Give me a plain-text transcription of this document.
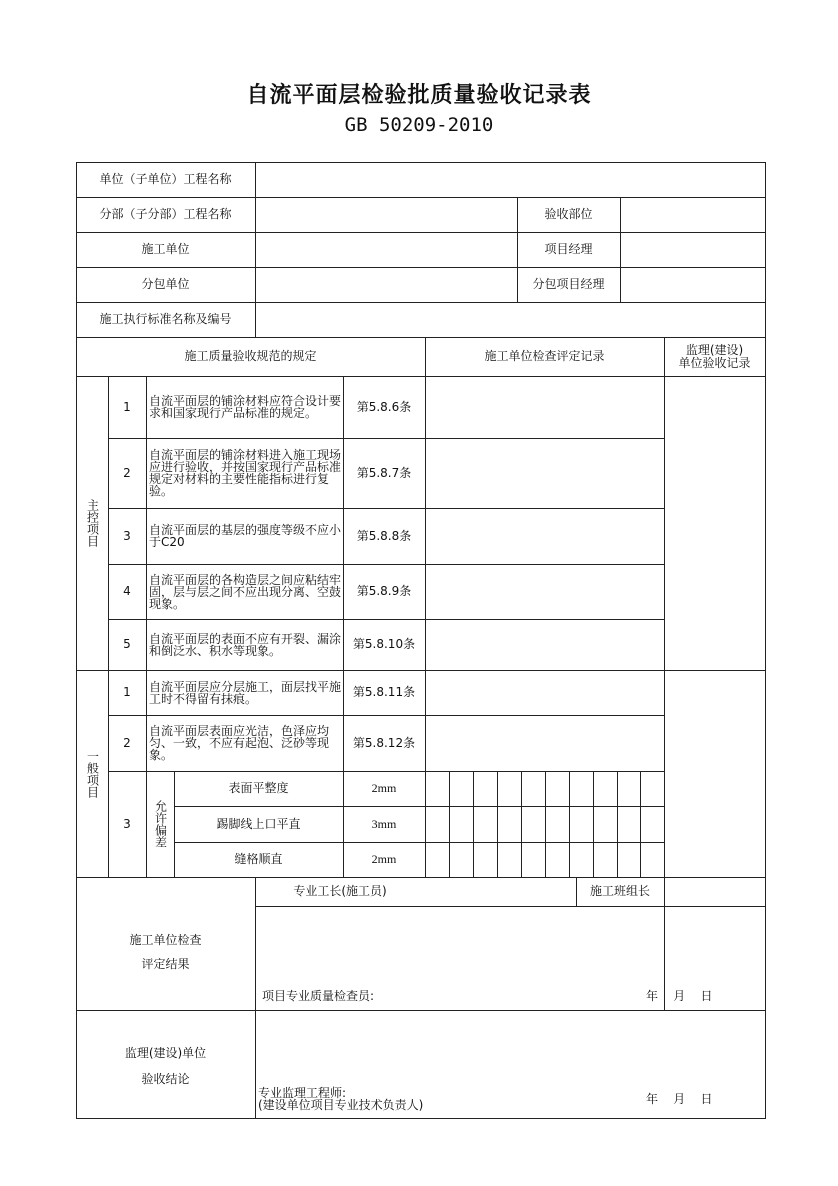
自流平面层检验批质量验收记录表
GB 50209-2010
单位（子单位）工程名称
分部（子分部）工程名称	验收部位
施工单位	项目经理
分包单位	分包项目经理
施工执行标准名称及编号
施工质量验收规范的规定	施工单位检查评定记录	监理(建设)
单位验收记录
主控项目
1 自流平面层的铺涂材料应符合设计要求和国家现行产品标准的规定。	第5.8.6条
2
自流平面层的铺涂材料进入施工现场应进行验收，并按国家现行产品标准规定对材料的主要性能指标进行复验。
第5.8.7条
3 自流平面层的基层的强度等级不应小于C20	第5.8.8条
4
自流平面层的各构造层之间应粘结牢固，层与层之间不应出现分离、空鼓现象。
第5.8.9条
5 自流平面层的表面不应有开裂、漏涂和倒泛水、积水等现象。	第5.8.10条
一般项目
1 自流平面层应分层施工，面层找平施工时不得留有抹痕。	第5.8.11条
2
自流平面层表面应光洁，色泽应均匀、一致，不应有起泡、泛砂等现象。
第5.8.12条
3 允许偏差
表面平整度	2mm
踢脚线上口平直	3mm
缝格顺直	2mm
专业工长(施工员)	施工班组长
施工单位检查
评定结果
项目专业质量检查员:	年    月    日
监理(建设)单位
验收结论
专业监理工程师:
(建设单位项目专业技术负责人)	年    月    日
